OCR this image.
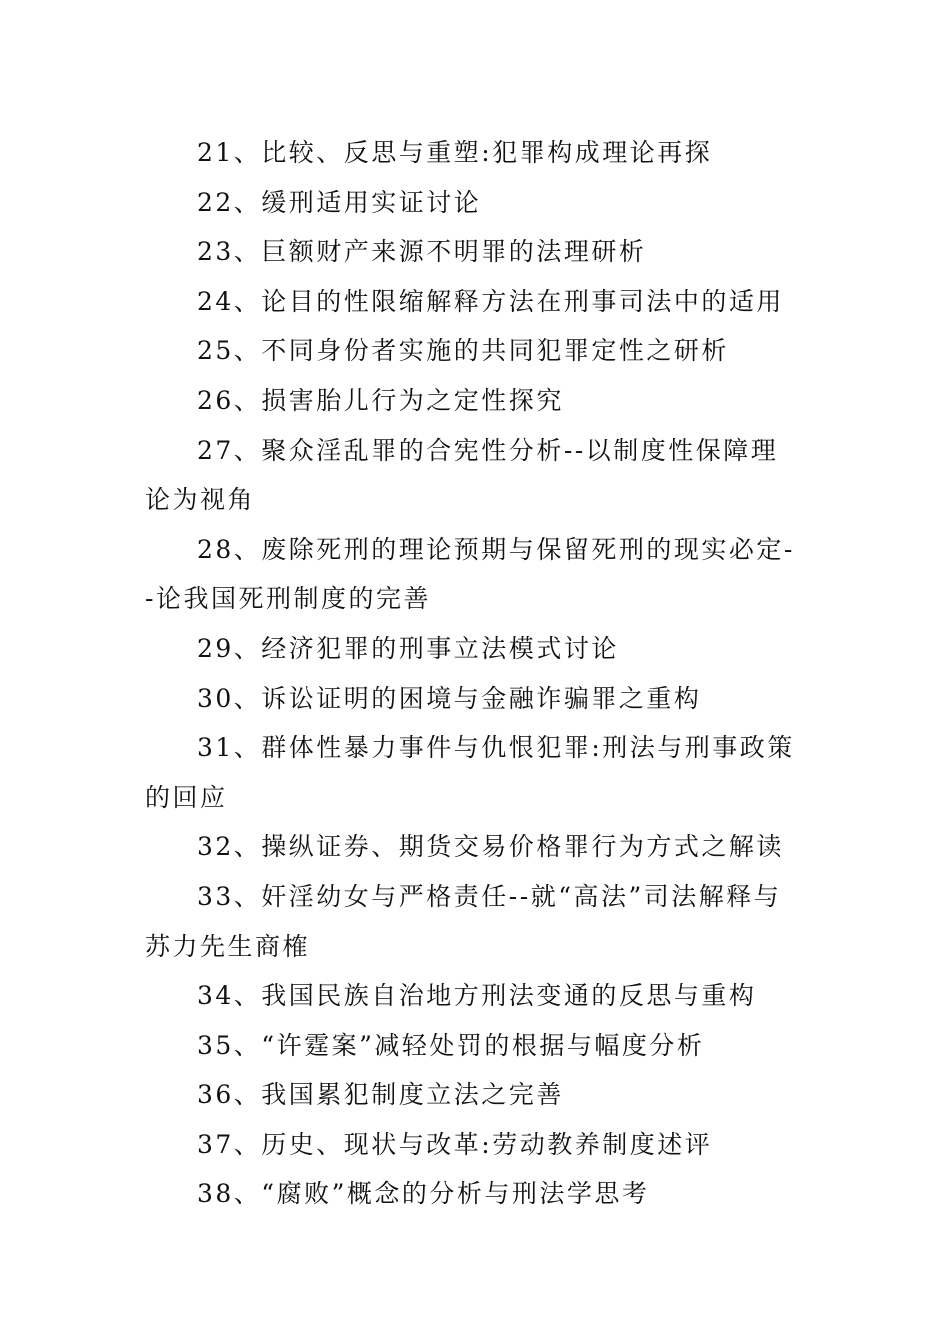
21、比较、反思与重塑:犯罪构成理论再探

22、缓刑适用实证讨论

23、巨额财产来源不明罪的法理研析

24、论目的性限缩解释方法在刑事司法中的适用

25、不同身份者实施的共同犯罪定性之研析

26、损害胎儿行为之定性探究

27、聚众淫乱罪的合宪性分析--以制度性保障理论为视角

28、废除死刑的理论预期与保留死刑的现实必定--论我国死刑制度的完善

29、经济犯罪的刑事立法模式讨论

30、诉讼证明的困境与金融诈骗罪之重构

31、群体性暴力事件与仇恨犯罪:刑法与刑事政策的回应

32、操纵证券、期货交易价格罪行为方式之解读

33、奸淫幼女与严格责任--就“高法”司法解释与苏力先生商榷

34、我国民族自治地方刑法变通的反思与重构

35、“许霆案”减轻处罚的根据与幅度分析

36、我国累犯制度立法之完善

37、历史、现状与改革:劳动教养制度述评

38、“腐败”概念的分析与刑法学思考
